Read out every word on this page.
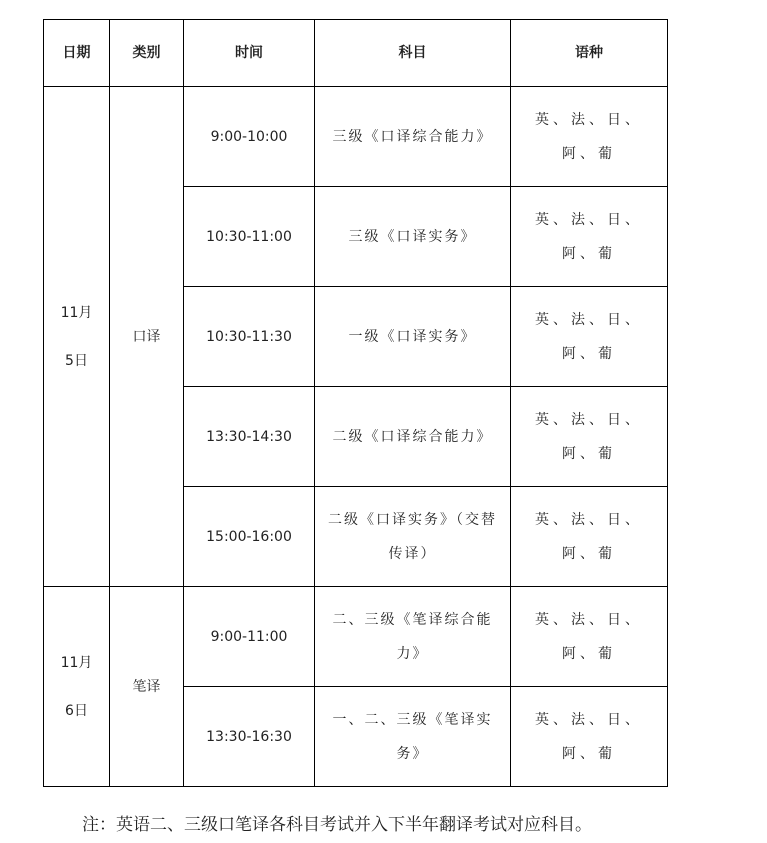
日期	类别	时间	科目	语种

11月
5日	口译	9:00-10:00	三级《口译综合能力》	英、法、日、阿、葡

		10:30-11:00	三级《口译实务》	英、法、日、阿、葡

		10:30-11:30	一级《口译实务》	英、法、日、阿、葡

		13:30-14:30	二级《口译综合能力》	英、法、日、阿、葡

		15:00-16:00	二级《口译实务》（交替传译）	英、法、日、阿、葡

11月
6日	笔译	9:00-11:00	二、三级《笔译综合能力》	英、法、日、阿、葡

		13:30-16:30	一、二、三级《笔译实务》	英、法、日、阿、葡
注：英语二、三级口笔译各科目考试并入下半年翻译考试对应科目。
